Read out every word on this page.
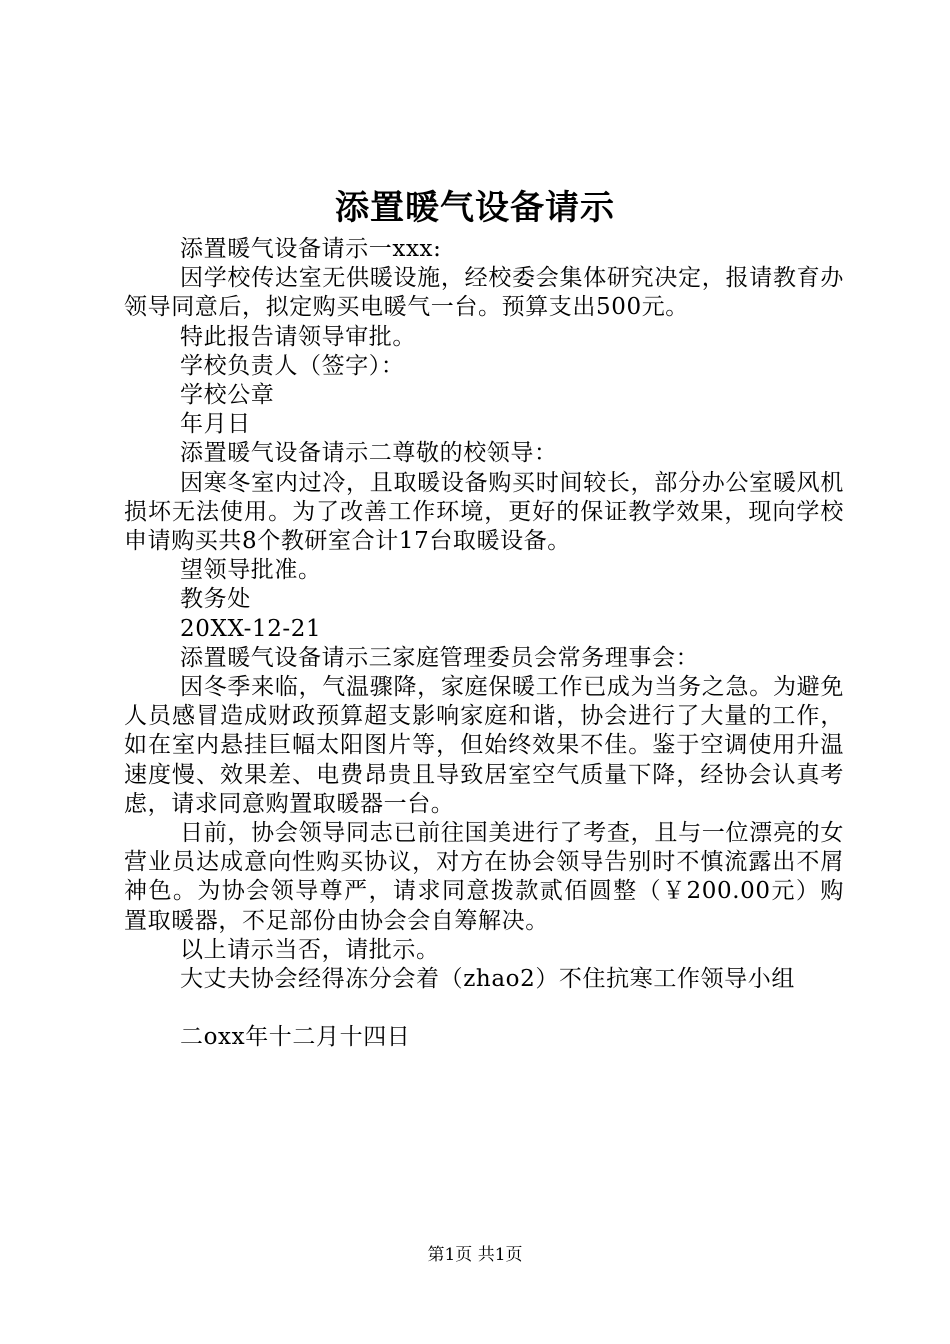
添置暖气设备请示

添置暖气设备请示一xxx:

因学校传达室无供暖设施，经校委会集体研究决定，报请教育办领导同意后，拟定购买电暖气一台。预算支出500元。

特此报告请领导审批。

学校负责人（签字）：

学校公章

年月日

添置暖气设备请示二尊敬的校领导：

因寒冬室内过冷，且取暖设备购买时间较长，部分办公室暖风机损坏无法使用。为了改善工作环境，更好的保证教学效果，现向学校申请购买共8个教研室合计17台取暖设备。

望领导批准。

教务处

20XX-12-21

添置暖气设备请示三家庭管理委员会常务理事会：

因冬季来临，气温骤降，家庭保暖工作已成为当务之急。为避免人员感冒造成财政预算超支影响家庭和谐，协会进行了大量的工作，如在室内悬挂巨幅太阳图片等，但始终效果不佳。鉴于空调使用升温速度慢、效果差、电费昂贵且导致居室空气质量下降，经协会认真考虑，请求同意购置取暖器一台。

日前，协会领导同志已前往国美进行了考查，且与一位漂亮的女营业员达成意向性购买协议，对方在协会领导告别时不慎流露出不屑神色。为协会领导尊严，请求同意拨款贰佰圆整（￥200.00元）购置取暖器，不足部份由协会会自筹解决。

以上请示当否，请批示。

大丈夫协会经得冻分会着（zhao2）不住抗寒工作领导小组

二oxx年十二月十四日

第1页 共1页
